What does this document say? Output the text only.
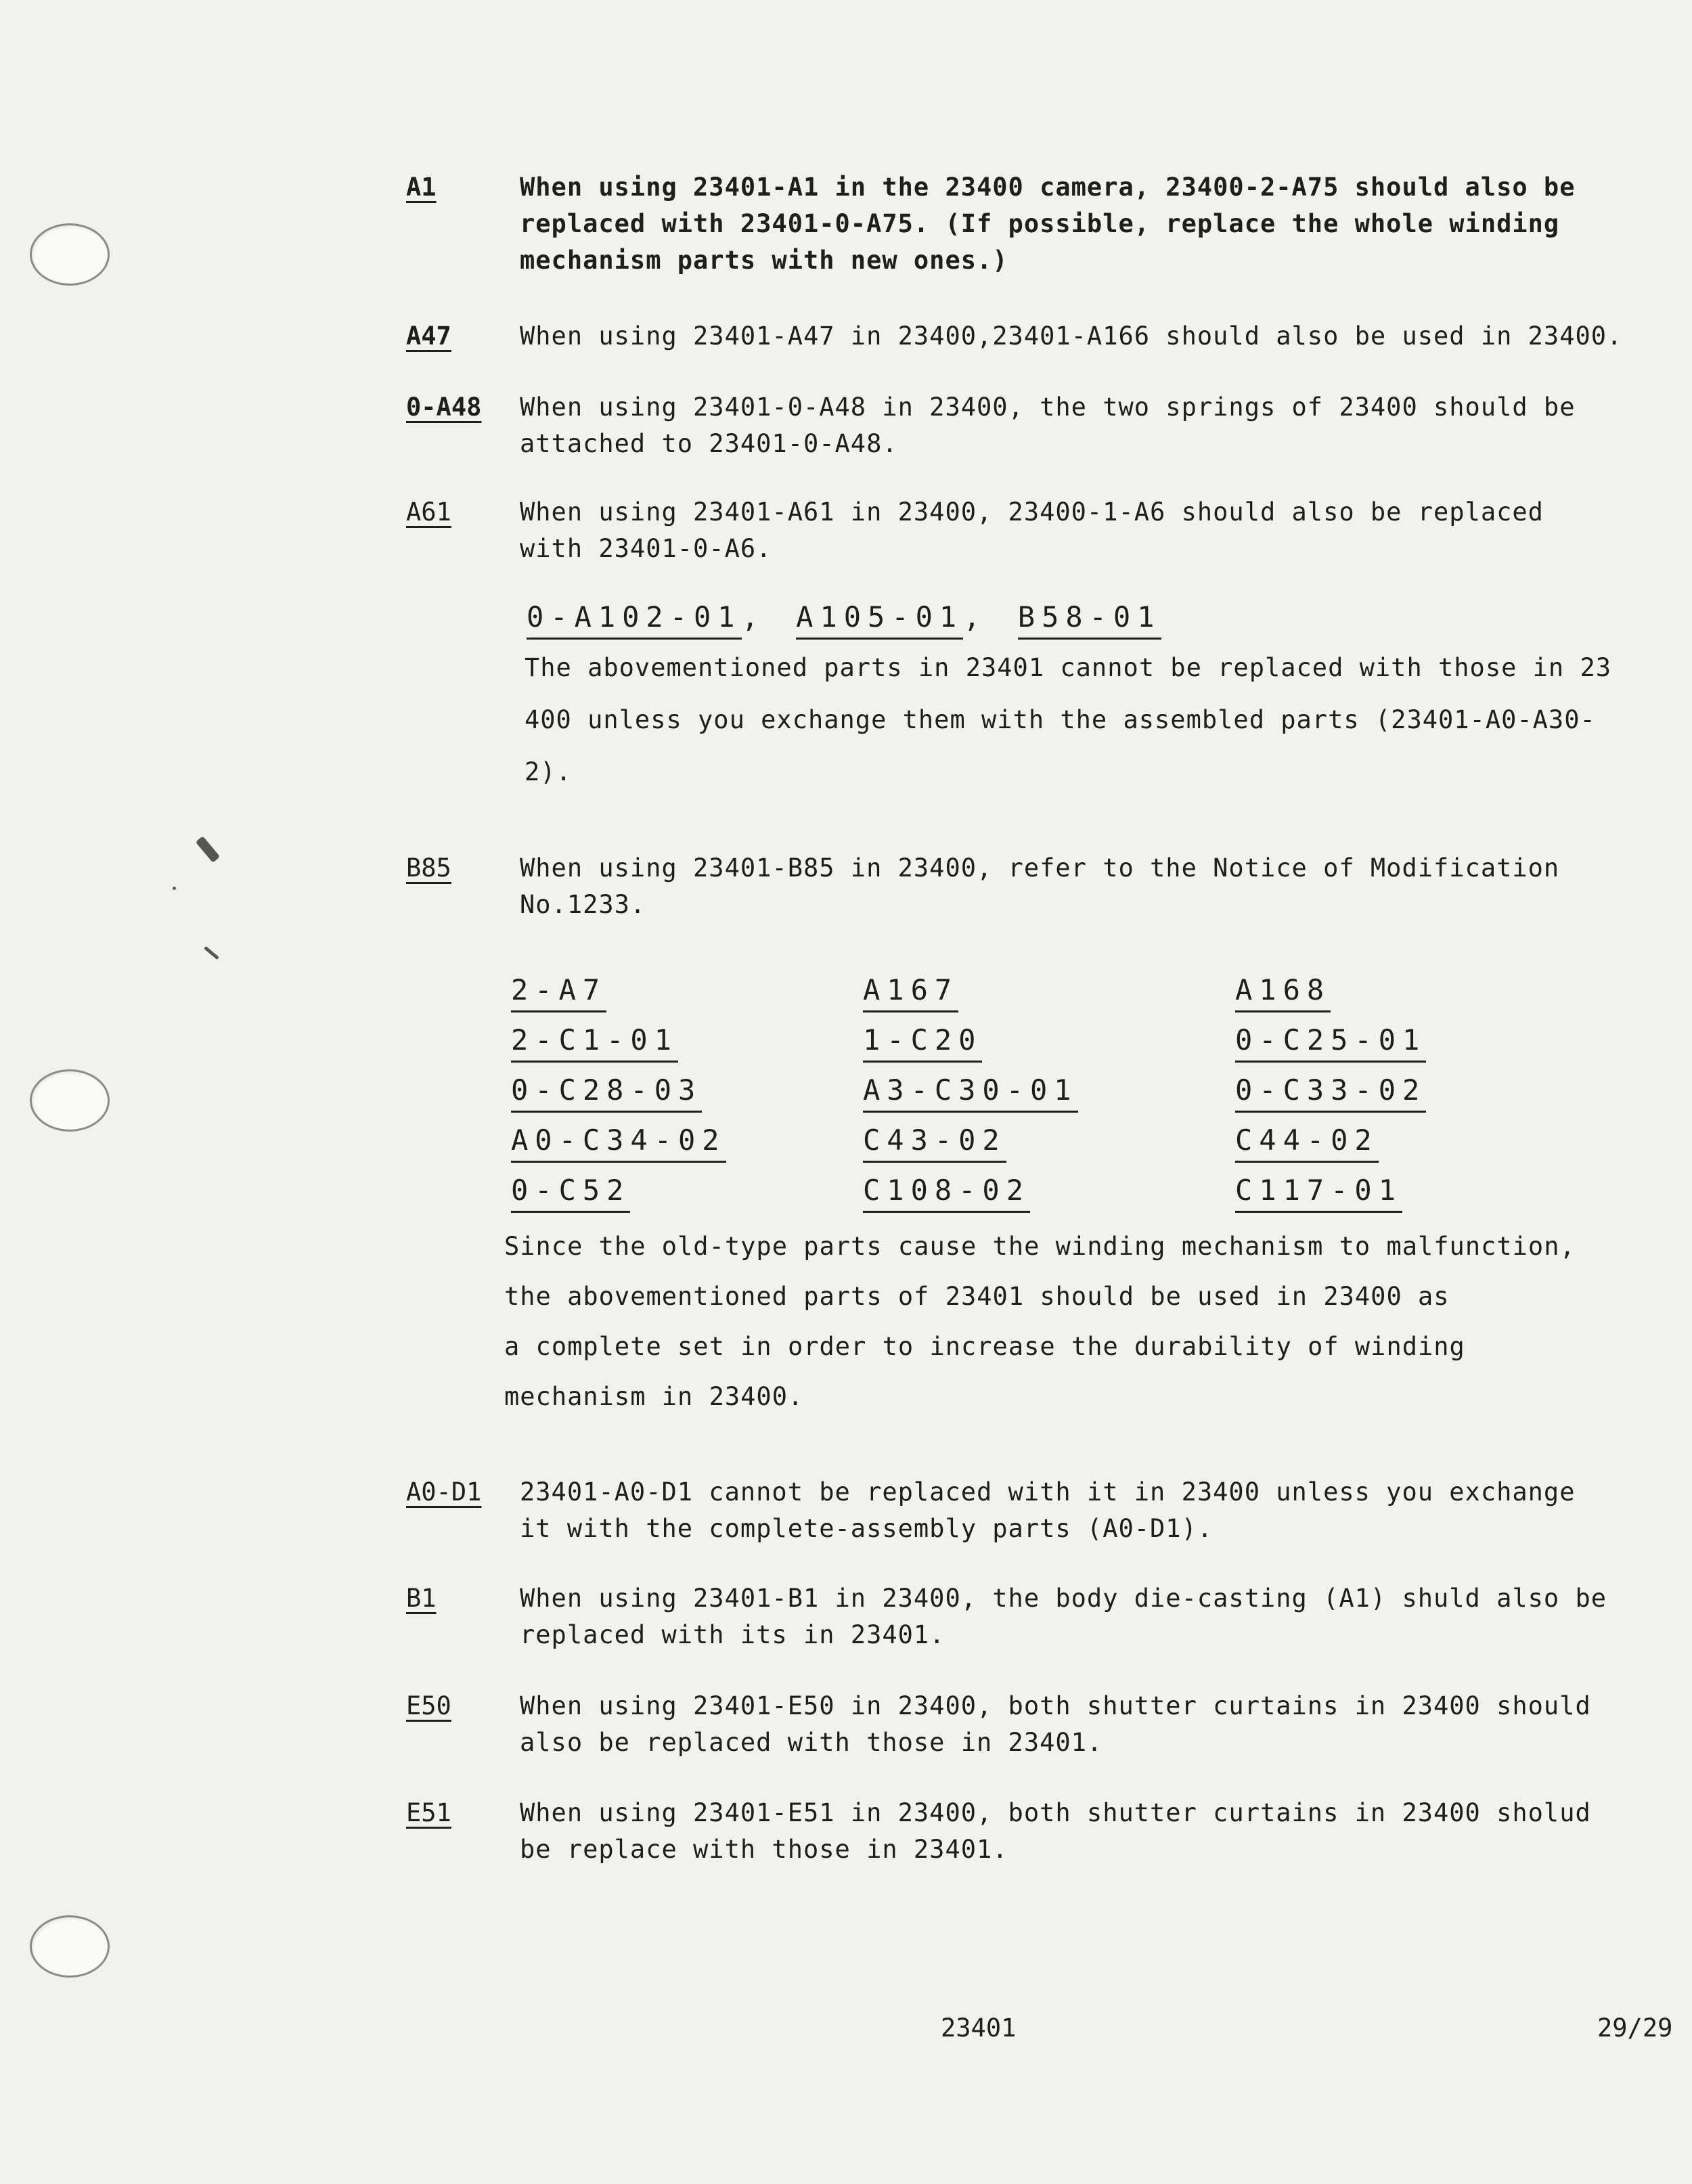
A1	When using 23401-A1 in the 23400 camera, 23400-2-A75 should also be
replaced with 23401-0-A75. (If possible, replace the whole winding
mechanism parts with new ones.)
A47	When using 23401-A47 in 23400,23401-A166 should also be used in 23400.
0-A48 When using 23401-0-A48 in 23400, the two springs of 23400 should be
attached to 23401-0-A48.
A61	When using 23401-A61 in 23400, 23400-1-A6 should also be replaced
with 23401-0-A6.
0-A102-01, A105-01, B58-01
The abovementioned parts in 23401 cannot be replaced with those in 23
400 unless you exchange them with the assembled parts (23401-A0-A30-
2).
B85	When using 23401-B85 in 23400, refer to the Notice of Modification
No.1233.
2-A7	A167	A168
2-C1-01	1-C20	0-C25-01
0-C28-03	A3-C30-01	0-C33-02
A0-C34-02	C43-02	C44-02
0-C52	C108-02	C117-01
Since the old-type parts cause the winding mechanism to malfunction,
the abovementioned parts of 23401 should be used in 23400 as
a complete set in order to increase the durability of winding
mechanism in 23400.
A0-D1 23401-A0-D1 cannot be replaced with it in 23400 unless you exchange
it with the complete-assembly parts (A0-D1).
B1	When using 23401-B1 in 23400, the body die-casting (A1) shuld also be
replaced with its in 23401.
E50	When using 23401-E50 in 23400, both shutter curtains in 23400 should
also be replaced with those in 23401.
E51	When using 23401-E51 in 23400, both shutter curtains in 23400 sholud
be replace with those in 23401.
23401	29/29
